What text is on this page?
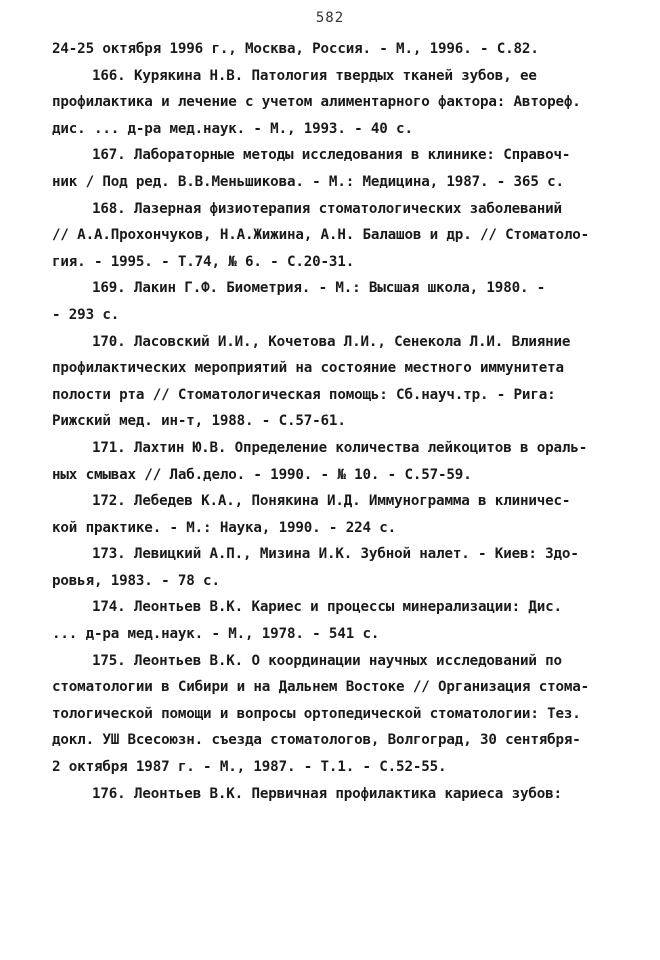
582
24-25 октября 1996 г., Москва, Россия. - М., 1996. - С.82.
166. Курякина Н.В. Патология твердых тканей зубов, ее
профилактика и лечение с учетом алиментарного фактора: Автореф.
дис. ... д-ра мед.наук. - М., 1993. - 40 с.
167. Лабораторные методы исследования в клинике: Справоч-
ник / Под ред. В.В.Меньшикова. - М.: Медицина, 1987. - 365 с.
168. Лазерная физиотерапия стоматологических заболеваний
// А.А.Прохончуков, Н.А.Жижина, А.Н. Балашов и др. // Стоматоло-
гия. - 1995. - Т.74, № 6. - С.20-31.
169. Лакин Г.Ф. Биометрия. - М.: Высшая школа, 1980. -
- 293 с.
170. Ласовский И.И., Кочетова Л.И., Сенекола Л.И. Влияние
профилактических мероприятий на состояние местного иммунитета
полости рта // Стоматологическая помощь: Сб.науч.тр. - Рига:
Рижский мед. ин-т, 1988. - С.57-61.
171. Лахтин Ю.В. Определение количества лейкоцитов в ораль-
ных смывах // Лаб.дело. - 1990. - № 10. - С.57-59.
172. Лебедев К.А., Понякина И.Д. Иммунограмма в клиничес-
кой практике. - М.: Наука, 1990. - 224 с.
173. Левицкий А.П., Мизина И.К. Зубной налет. - Киев: Здо-
ровья, 1983. - 78 с.
174. Леонтьев В.К. Кариес и процессы минерализации: Дис.
... д-ра мед.наук. - М., 1978. - 541 с.
175. Леонтьев В.К. О координации научных исследований по
стоматологии в Сибири и на Дальнем Востоке // Организация стома-
тологической помощи и вопросы ортопедической стоматологии: Тез.
докл. УШ Всесоюзн. съезда стоматологов, Волгоград, 30 сентября-
2 октября 1987 г. - М., 1987. - Т.1. - С.52-55.
176. Леонтьев В.К. Первичная профилактика кариеса зубов:
